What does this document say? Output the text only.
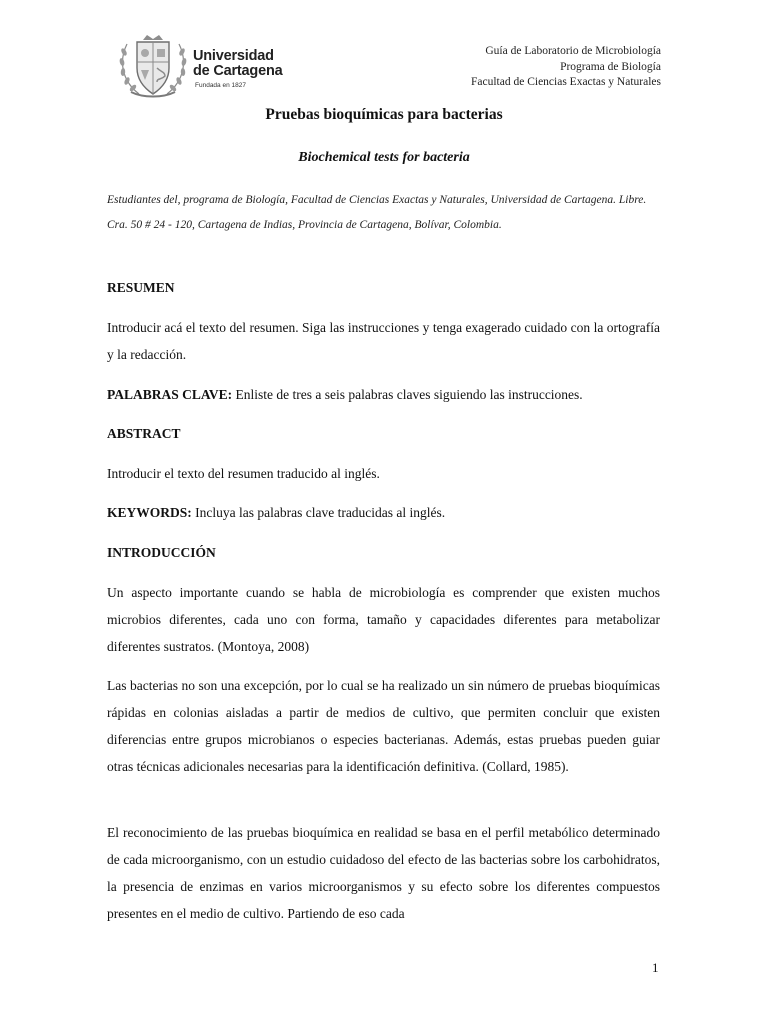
Universidad
de Cartagena
Fundada en 1827
Guía de Laboratorio de Microbiología
Programa de Biología
Facultad de Ciencias Exactas y Naturales
Pruebas bioquímicas para bacterias
Biochemical tests for bacteria
Estudiantes del, programa de Biología, Facultad de Ciencias Exactas y Naturales, Universidad de Cartagena. Libre. Cra. 50 # 24 - 120, Cartagena de Indias, Provincia de Cartagena, Bolívar, Colombia.
RESUMEN
Introducir acá el texto del resumen. Siga las instrucciones y tenga exagerado cuidado con la ortografía y la redacción.
PALABRAS CLAVE: Enliste de tres a seis palabras claves siguiendo las instrucciones.
ABSTRACT
Introducir el texto del resumen traducido al inglés.
KEYWORDS: Incluya las palabras clave traducidas al inglés.
INTRODUCCIÓN
Un aspecto importante cuando se habla de microbiología es comprender que existen muchos microbios diferentes, cada uno con forma, tamaño y capacidades diferentes para metabolizar diferentes sustratos. (Montoya, 2008)
Las bacterias no son una excepción, por lo cual se ha realizado un sin número de pruebas bioquímicas rápidas en colonias aisladas a partir de medios de cultivo, que permiten concluir que existen diferencias entre grupos microbianos o especies bacterianas. Además, estas pruebas pueden guiar otras técnicas adicionales necesarias para la identificación definitiva. (Collard, 1985).
El reconocimiento de las pruebas bioquímica en realidad se basa en el perfil metabólico determinado de cada microorganismo, con un estudio cuidadoso del efecto de las bacterias sobre los carbohidratos, la presencia de enzimas en varios microorganismos y su efecto sobre los diferentes compuestos presentes en el medio de cultivo. Partiendo de eso cada
1
